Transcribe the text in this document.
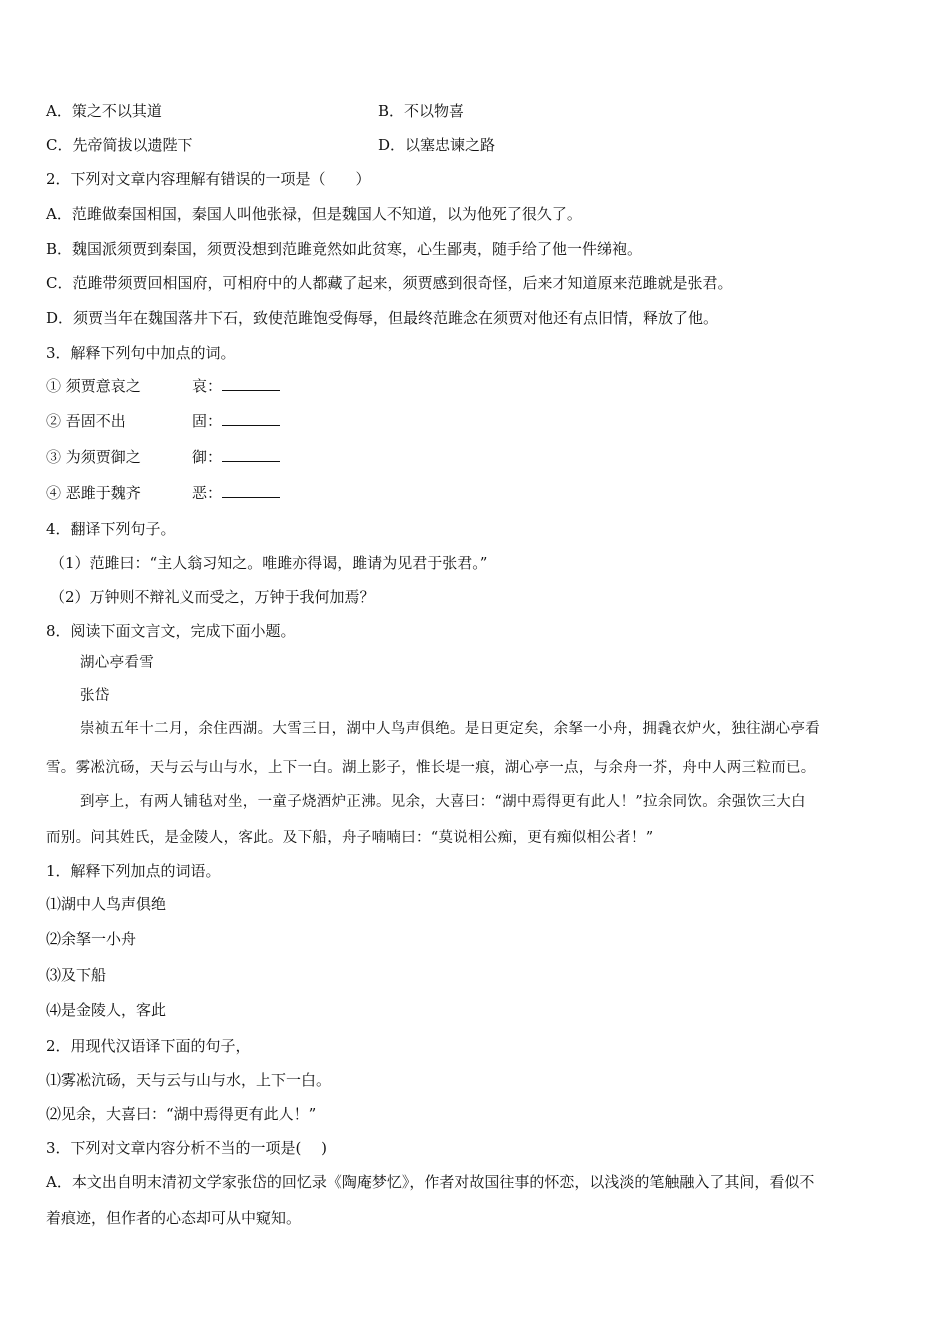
A．策之不以其道	B．不以物喜
C．先帝简拔以遗陛下	D．以塞忠谏之路
2．下列对文章内容理解有错误的一项是（　　）
A．范雎做秦国相国，秦国人叫他张禄，但是魏国人不知道，以为他死了很久了。
B．魏国派须贾到秦国，须贾没想到范雎竟然如此贫寒，心生鄙夷，随手给了他一件绨袍。
C．范雎带须贾回相国府，可相府中的人都藏了起来，须贾感到很奇怪，后来才知道原来范雎就是张君。
D．须贾当年在魏国落井下石，致使范雎饱受侮辱，但最终范雎念在须贾对他还有点旧情，释放了他。
3．解释下列句中加点的词。
① 须贾意哀之	哀：
② 吾固不出	固：
③ 为须贾御之	御：
④ 恶雎于魏齐	恶：
4．翻译下列句子。
（1）范雎曰：“主人翁习知之。唯雎亦得谒，雎请为见君于张君。”
（2）万钟则不辩礼义而受之，万钟于我何加焉？
8．阅读下面文言文，完成下面小题。
湖心亭看雪
张岱
崇祯五年十二月，余住西湖。大雪三日，湖中人鸟声俱绝。是日更定矣，余拏一小舟，拥毳衣炉火，独往湖心亭看
雪。雾凇沆砀，天与云与山与水，上下一白。湖上影子，惟长堤一痕，湖心亭一点，与余舟一芥，舟中人两三粒而已。
到亭上，有两人铺毡对坐，一童子烧酒炉正沸。见余，大喜曰：“湖中焉得更有此人！”拉余同饮。余强饮三大白
而别。问其姓氏，是金陵人，客此。及下船，舟子喃喃曰：“莫说相公痴，更有痴似相公者！”
1．解释下列加点的词语。
⑴湖中人鸟声俱绝
⑵余拏一小舟
⑶及下船
⑷是金陵人，客此
2．用现代汉语译下面的句子，
⑴雾凇沆砀，天与云与山与水，上下一白。
⑵见余，大喜曰：“湖中焉得更有此人！”
3．下列对文章内容分析不当的一项是(　 )
A．本文出自明末清初文学家张岱的回忆录《陶庵梦忆》，作者对故国往事的怀恋，以浅淡的笔触融入了其间，看似不
着痕迹，但作者的心态却可从中窥知。
